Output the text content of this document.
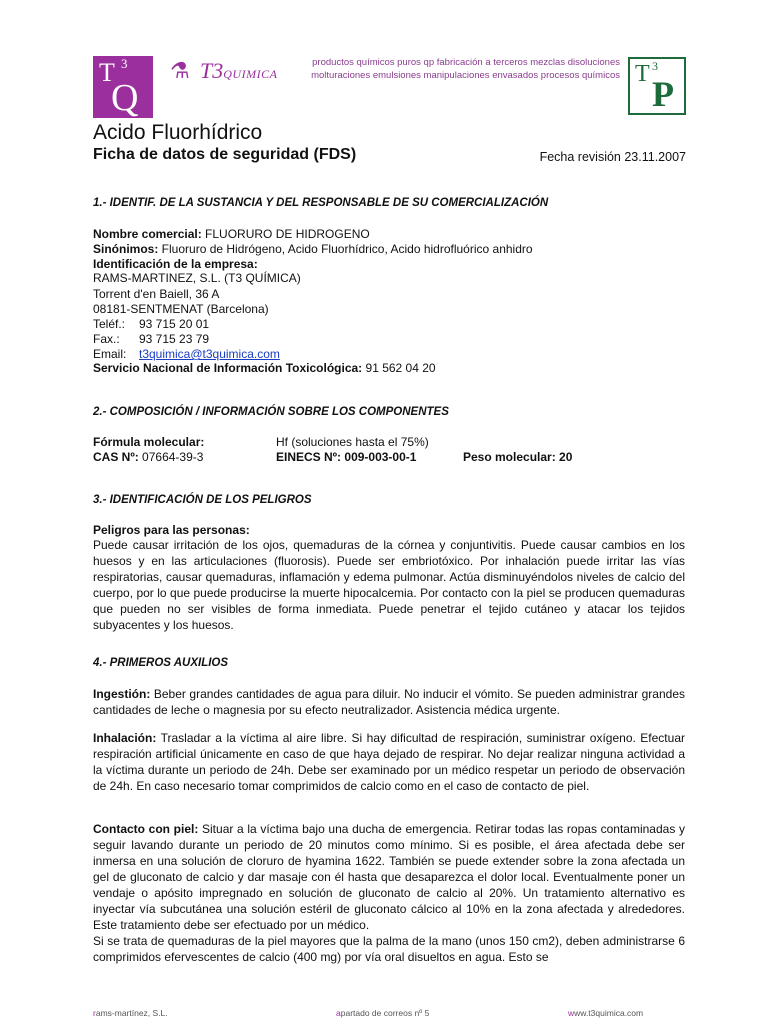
T 3
Q
⚗ T3QUIMICA
productos químicos puros qp fabricación a terceros mezclas disoluciones
molturaciones emulsiones manipulaciones envasados procesos químicos T 3
P
Acido Fluorhídrico
Ficha de datos de seguridad (FDS)	Fecha revisión 23.11.2007
1.- IDENTIF. DE LA SUSTANCIA Y DEL RESPONSABLE DE SU COMERCIALIZACIÓN
Nombre comercial: FLUORURO DE HIDROGENO
Sinónimos: Fluoruro de Hidrógeno, Acido Fluorhídrico, Acido hidrofluórico anhidro
Identificación de la empresa:
RAMS-MARTINEZ, S.L. (T3 QUÍMICA)
Torrent d'en Baiell, 36 A
08181-SENTMENAT (Barcelona)
Teléf.: 93 715 20 01
Fax.: 93 715 23 79
Email: t3quimica@t3quimica.com
Servicio Nacional de Información Toxicológica: 91 562 04 20
2.- COMPOSICIÓN / INFORMACIÓN SOBRE LOS COMPONENTES
Fórmula molecular:	Hf (soluciones hasta el 75%)
CAS Nº: 07664-39-3	EINECS Nº: 009-003-00-1	Peso molecular: 20
3.- IDENTIFICACIÓN DE LOS PELIGROS
Peligros para las personas:

Puede causar irritación de los ojos, quemaduras de la córnea y conjuntivitis. Puede causar cambios en los huesos y en las articulaciones (fluorosis). Puede ser embriotóxico. Por inhalación puede irritar las vías respiratorias, causar quemaduras, inflamación y edema pulmonar. Actúa disminuyéndolos niveles de calcio del cuerpo, por lo que puede producirse la muerte hipocalcemia. Por contacto con la piel se producen quemaduras que pueden no ser visibles de forma inmediata. Puede penetrar el tejido cutáneo y atacar los tejidos subyacentes y los huesos.

4.- PRIMEROS AUXILIOS

Ingestión: Beber grandes cantidades de agua para diluir. No inducir el vómito. Se pueden administrar grandes cantidades de leche o magnesia por su efecto neutralizador. Asistencia médica urgente.

Inhalación: Trasladar a la víctima al aire libre. Si hay dificultad de respiración, suministrar oxígeno. Efectuar respiración artificial únicamente en caso de que haya dejado de respirar. No dejar realizar ninguna actividad a la víctima durante un periodo de 24h. Debe ser examinado por un médico respetar un periodo de observación de 24h. En caso necesario tomar comprimidos de calcio como en el caso de contacto de piel.

Contacto con piel: Situar a la víctima bajo una ducha de emergencia. Retirar todas las ropas contaminadas y seguir lavando durante un periodo de 20 minutos como mínimo. Si es posible, el área afectada debe ser inmersa en una solución de cloruro de hyamina 1622. También se puede extender sobre la zona afectada un gel de gluconato de calcio y dar masaje con él hasta que desaparezca el dolor local. Eventualmente poner un vendaje o apósito impregnado en solución de gluconato de calcio al 20%. Un tratamiento alternativo es inyectar vía subcutánea una solución estéril de gluconato cálcico al 10% en la zona afectada y alrededores. Este tratamiento debe ser efectuado por un médico.

Si se trata de quemaduras de la piel mayores que la palma de la mano (unos 150 cm2), deben administrarse 6 comprimidos efervescentes de calcio (400 mg) por vía oral disueltos en agua. Esto se

rams-martínez, S.L.	apartado de correos nº 5	www.t3quimica.com
